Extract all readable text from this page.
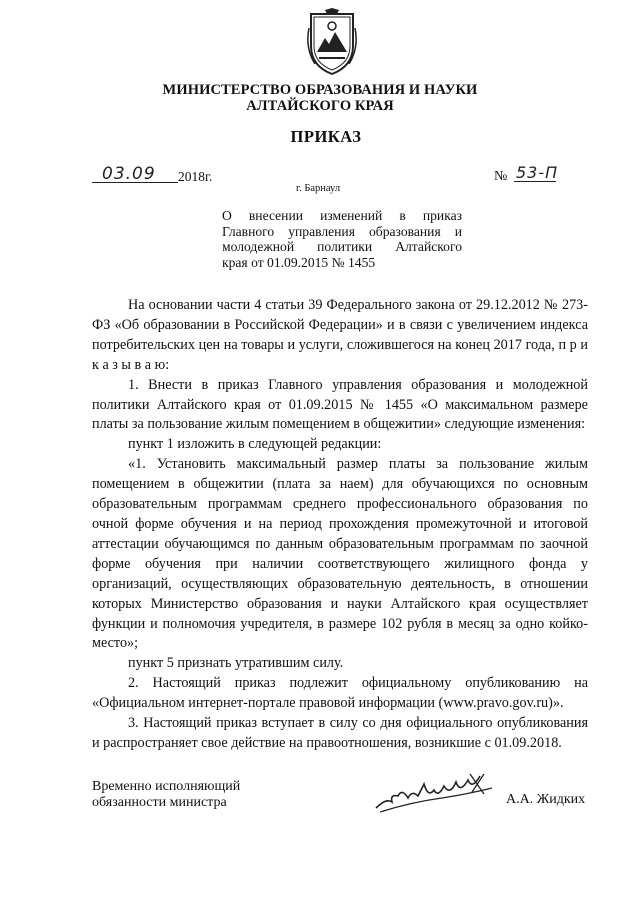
МИНИСТЕРСТВО ОБРАЗОВАНИЯ И НАУКИ
АЛТАЙСКОГО КРАЯ
ПРИКАЗ
03.09 2018г.
г. Барнаул
№ 53-П
О внесении изменений в приказ
Главного управления образования и
молодежной политики Алтайского
края от 01.09.2015 № 1455

На основании части 4 статьи 39 Федерального закона от 29.12.2012 № 273-ФЗ «Об образовании в Российской Федерации» и в связи с увеличением индекса потребительских цен на товары и услуги, сложившегося на конец 2017 года, п р и к а з ы в а ю:

1. Внести в приказ Главного управления образования и молодежной политики Алтайского края от 01.09.2015 № 1455 «О максимальном размере платы за пользование жилым помещением в общежитии» следующие изменения:

пункт 1 изложить в следующей редакции:

«1. Установить максимальный размер платы за пользование жилым помещением в общежитии (плата за наем) для обучающихся по основным образовательным программам среднего профессионального образования по очной форме обучения и на период прохождения промежуточной и итоговой аттестации обучающимся по данным образовательным программам по заочной форме обучения при наличии соответствующего жилищного фонда у организаций, осуществляющих образовательную деятельность, в отношении которых Министерство образования и науки Алтайского края осуществляет функции и полномочия учредителя, в размере 102 рубля в месяц за одно койко-место»;

пункт 5 признать утратившим силу.

2. Настоящий приказ подлежит официальному опубликованию на «Официальном интернет-портале правовой информации (www.pravo.gov.ru)».

3. Настоящий приказ вступает в силу со дня официального опубликования и распространяет свое действие на правоотношения, возникшие с 01.09.2018.

Временно исполняющий
обязанности министра	А.А. Жидких
